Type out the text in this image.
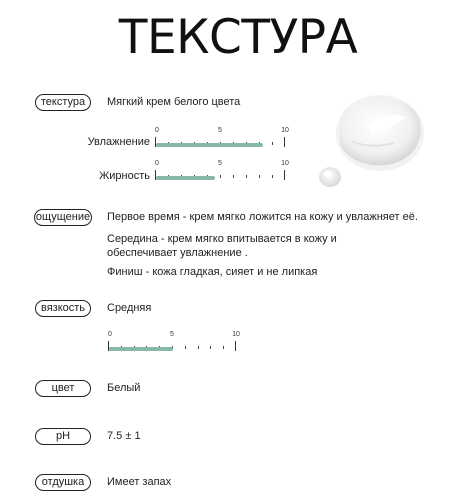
ТЕКСТУРА
текстура	Мягкий крем белого цвета
Увлажнение
0	5	10
Жирность
0	5	10
ощущение Первое время - крем мягко ложится на кожу и увлажняет её.
Середина - крем мягко впитывается в кожу и
обеспечивает увлажнение .
Финиш - кожа гладкая, сияет и не липкая
вязкость	Средняя
0	5	10
цвет	Белый
pH	7.5 ± 1
отдушка	Имеет запах
